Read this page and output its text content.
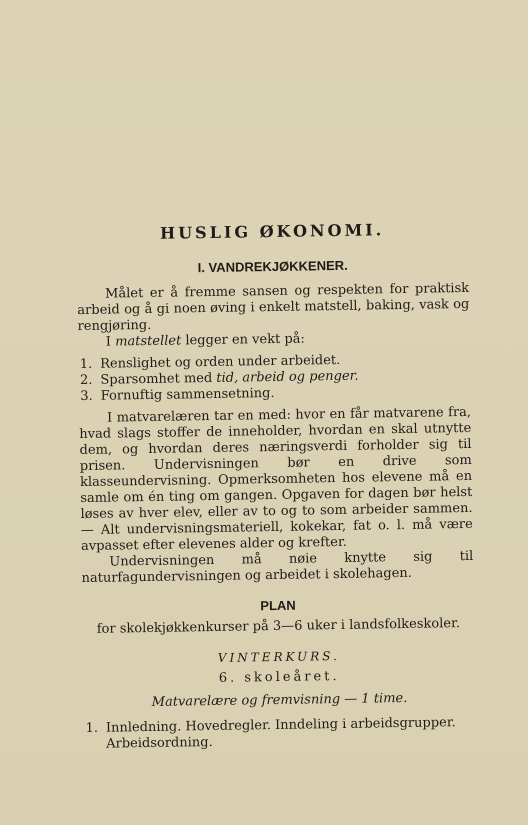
HUSLIG ØKONOMI.
I. VANDREKJØKKENER.

Målet er å fremme sansen og respekten for praktisk arbeid og å gi noen øving i enkelt matstell, baking, vask og rengjøring.

I matstellet legger en vekt på:

1. Renslighet og orden under arbeidet.
2. Sparsomhet med tid, arbeid og penger.
3. Fornuftig sammensetning.

I matvarelæren tar en med: hvor en får matvarene fra, hvad slags stoffer de inneholder, hvordan en skal utnytte dem, og hvordan deres næringsverdi forholder sig til prisen. Undervisningen bør en drive som klasseundervisning. Opmerksomheten hos elevene må en samle om én ting om gangen. Opgaven for dagen bør helst løses av hver elev, eller av to og to som arbeider sammen. — Alt undervisningsmateriell, kokekar, fat o. l. må være avpasset efter elevenes alder og krefter.

Undervisningen må nøie knytte sig til naturfagundervisningen og arbeidet i skolehagen.

PLAN
for skolekjøkkenkurser på 3—6 uker i landsfolkeskoler.
VINTERKURS.
6. skoleåret.
Matvarelære og fremvisning — 1 time.
1. Innledning. Hovedregler. Inndeling i arbeidsgrupper.
Arbeidsordning.
